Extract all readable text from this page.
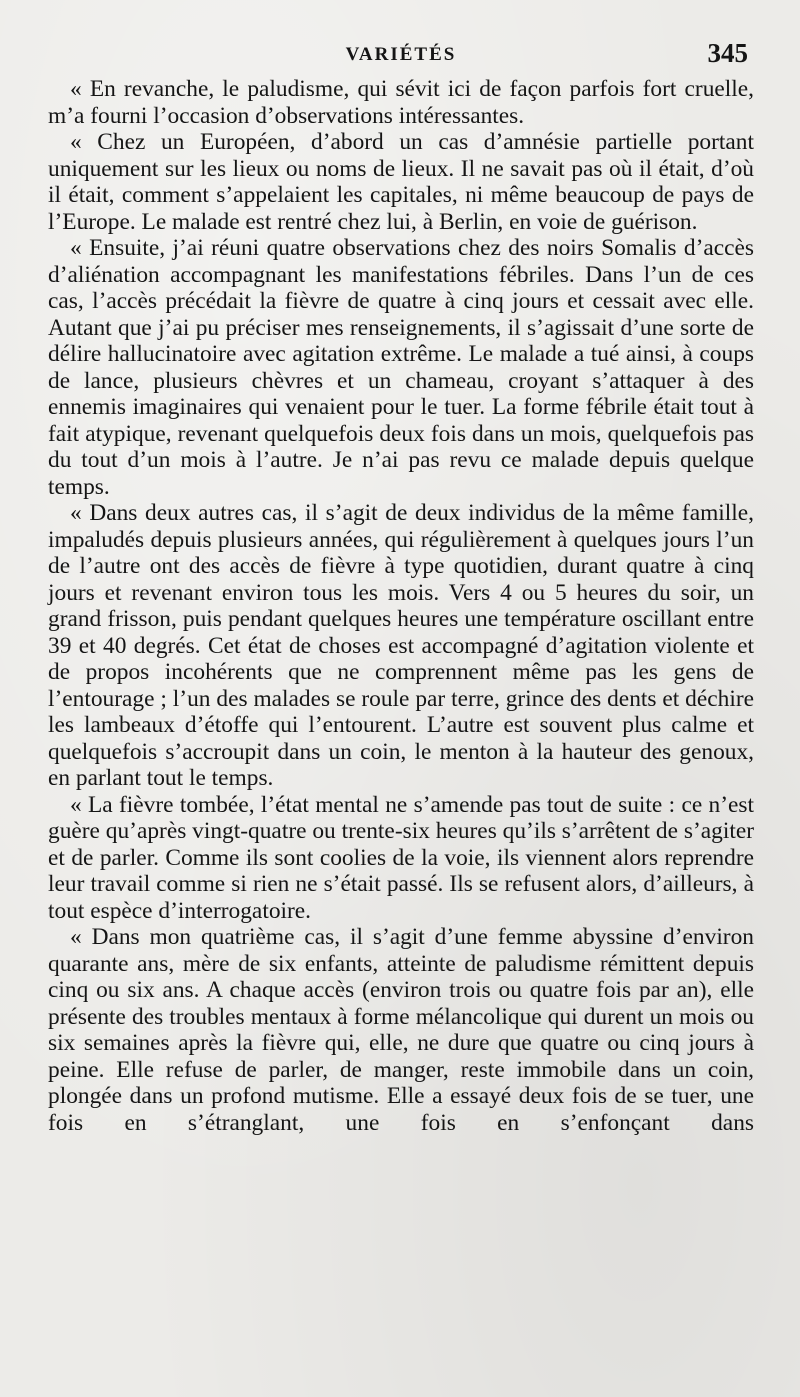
VARIÉTÉS	345

« En revanche, le paludisme, qui sévit ici de façon parfois fort cruelle, m’a fourni l’occasion d’observations intéressantes.

« Chez un Européen, d’abord un cas d’amnésie partielle portant uniquement sur les lieux ou noms de lieux. Il ne savait pas où il était, d’où il était, comment s’appelaient les capitales, ni même beaucoup de pays de l’Europe. Le malade est rentré chez lui, à Berlin, en voie de guérison.

« Ensuite, j’ai réuni quatre observations chez des noirs Somalis d’accès d’aliénation accompagnant les manifestations fébriles. Dans l’un de ces cas, l’accès précédait la fièvre de quatre à cinq jours et cessait avec elle. Autant que j’ai pu préciser mes renseignements, il s’agissait d’une sorte de délire hallucinatoire avec agitation extrême. Le malade a tué ainsi, à coups de lance, plusieurs chèvres et un chameau, croyant s’attaquer à des ennemis imaginaires qui venaient pour le tuer. La forme fébrile était tout à fait atypique, revenant quelquefois deux fois dans un mois, quelquefois pas du tout d’un mois à l’autre. Je n’ai pas revu ce malade depuis quelque temps.

« Dans deux autres cas, il s’agit de deux individus de la même famille, impaludés depuis plusieurs années, qui régulièrement à quelques jours l’un de l’autre ont des accès de fièvre à type quotidien, durant quatre à cinq jours et revenant environ tous les mois. Vers 4 ou 5 heures du soir, un grand frisson, puis pendant quelques heures une température oscillant entre 39 et 40 degrés. Cet état de choses est accompagné d’agitation violente et de propos incohérents que ne comprennent même pas les gens de l’entourage ; l’un des malades se roule par terre, grince des dents et déchire les lambeaux d’étoffe qui l’entourent. L’autre est souvent plus calme et quelquefois s’accroupit dans un coin, le menton à la hauteur des genoux, en parlant tout le temps.

« La fièvre tombée, l’état mental ne s’amende pas tout de suite : ce n’est guère qu’après vingt-quatre ou trente-six heures qu’ils s’arrêtent de s’agiter et de parler. Comme ils sont coolies de la voie, ils viennent alors reprendre leur travail comme si rien ne s’était passé. Ils se refusent alors, d’ailleurs, à tout espèce d’interrogatoire.

« Dans mon quatrième cas, il s’agit d’une femme abyssine d’environ quarante ans, mère de six enfants, atteinte de paludisme rémittent depuis cinq ou six ans. A chaque accès (environ trois ou quatre fois par an), elle présente des troubles mentaux à forme mélancolique qui durent un mois ou six semaines après la fièvre qui, elle, ne dure que quatre ou cinq jours à peine. Elle refuse de parler, de manger, reste immobile dans un coin, plongée dans un profond mutisme. Elle a essayé deux fois de se tuer, une fois en s’étranglant, une fois en s’enfonçant dans
